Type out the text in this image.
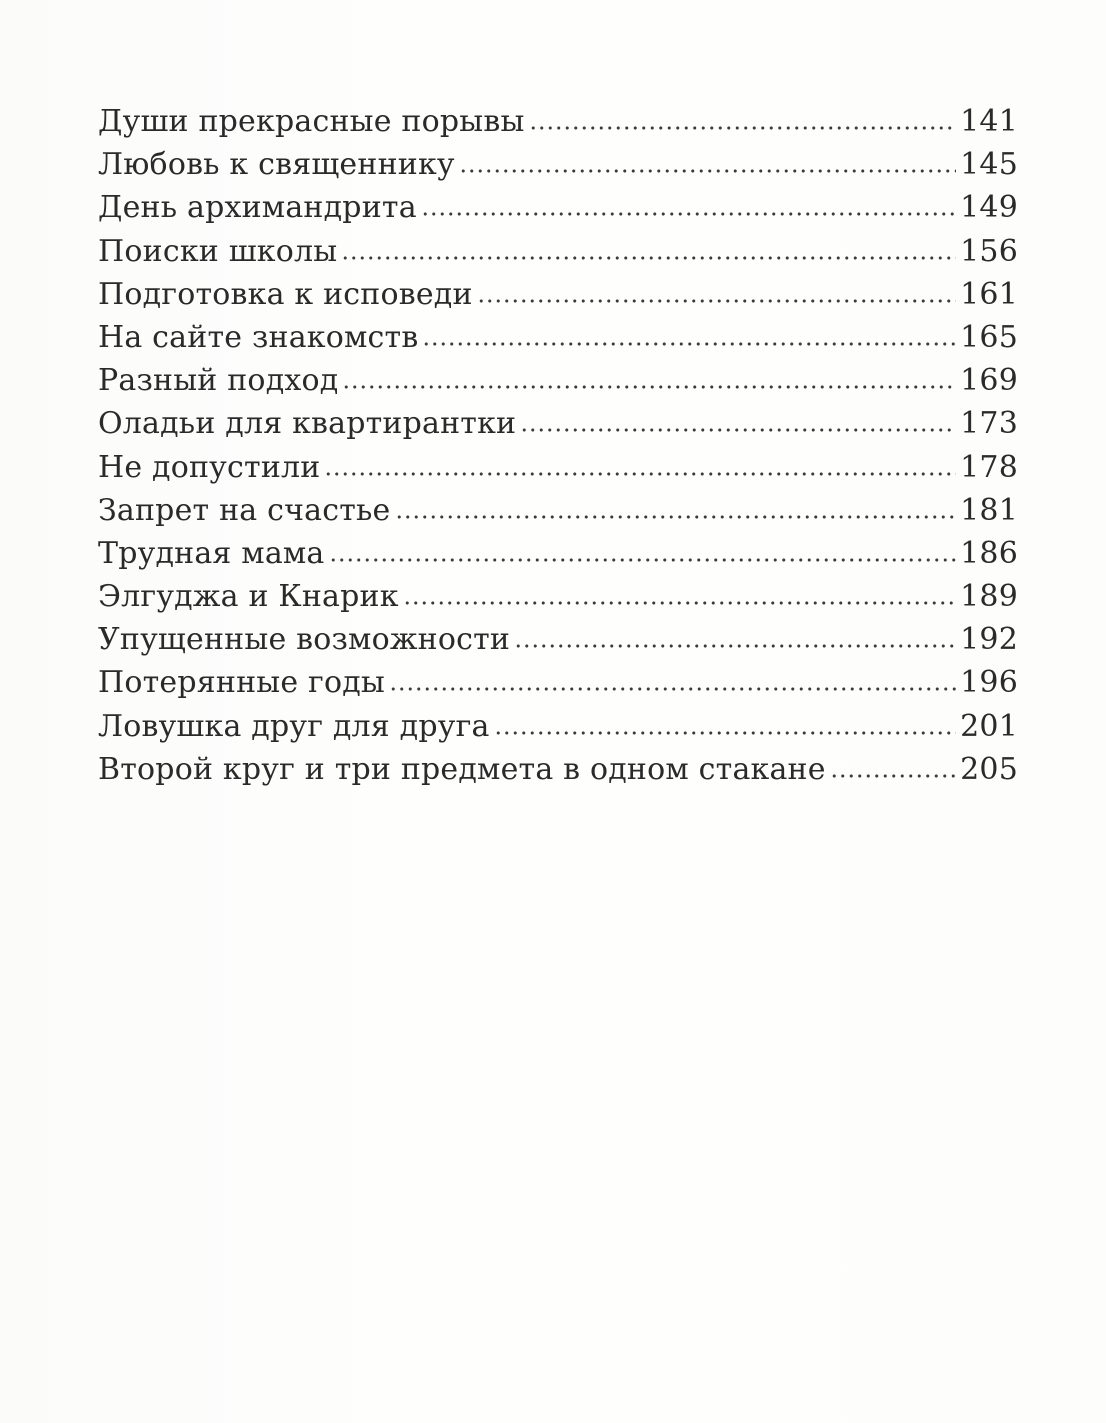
Души прекрасные порывы	141
Любовь к священнику	145
День архимандрита	149
Поиски школы	156
Подготовка к исповеди	161
На сайте знакомств	165
Разный подход	169
Оладьи для квартирантки	173
Не допустили	178
Запрет на счастье	181
Трудная мама	186
Элгуджа и Кнарик	189
Упущенные возможности	192
Потерянные годы	196
Ловушка друг для друга	201
Второй круг и три предмета в одном стакане	205
